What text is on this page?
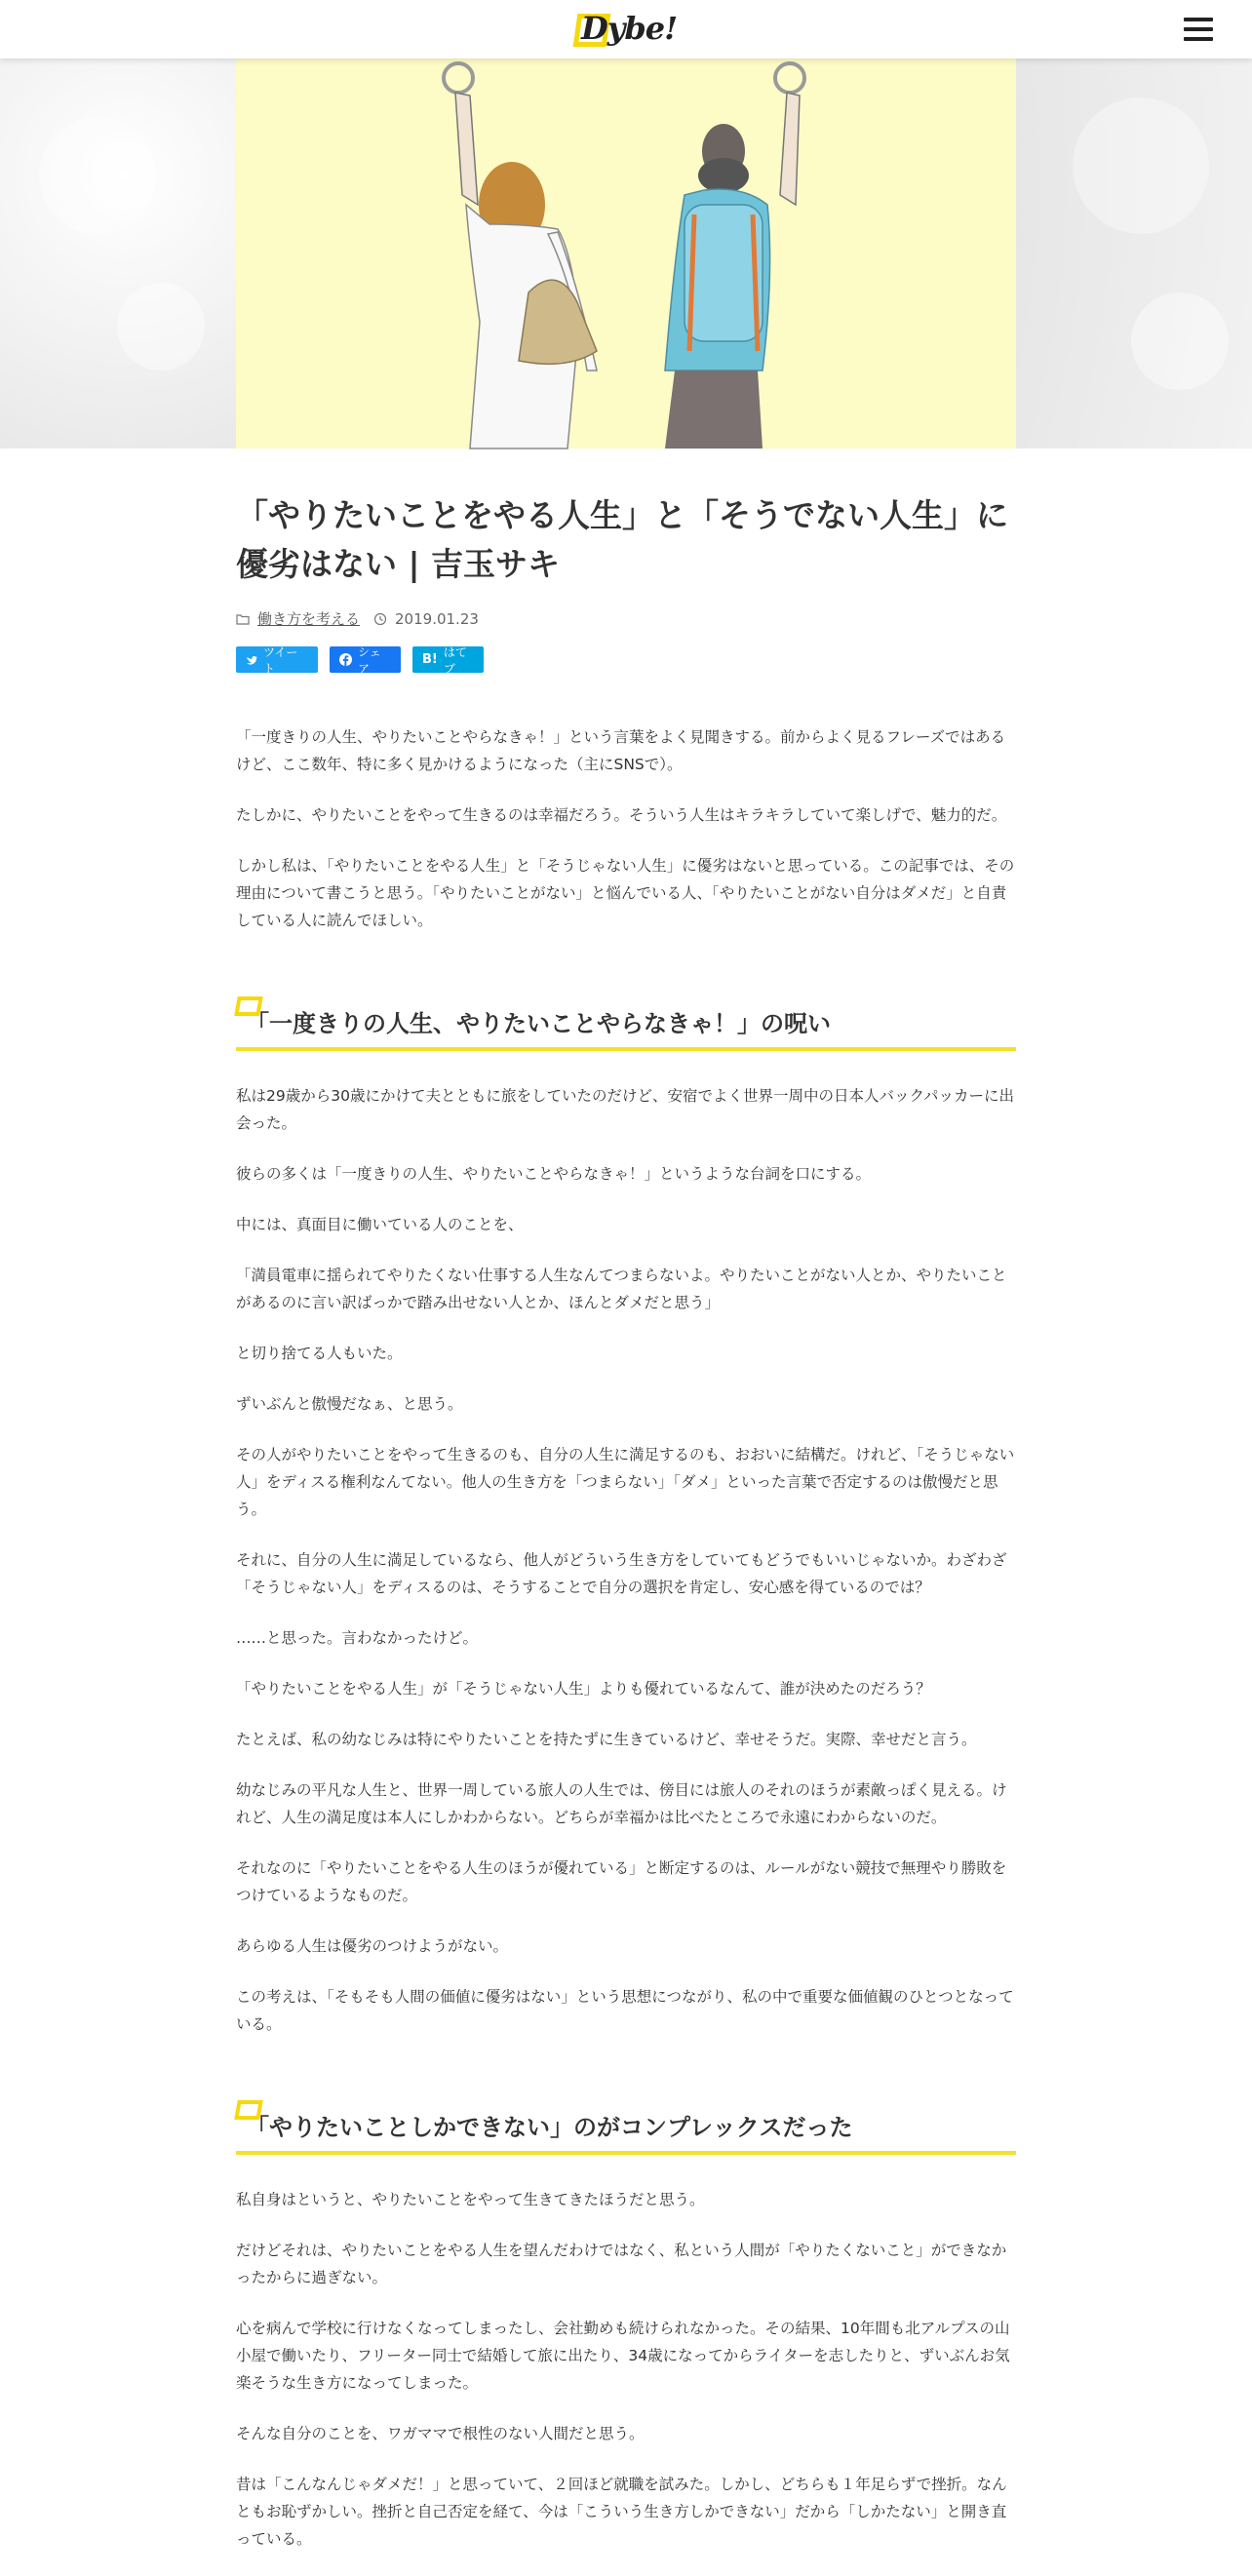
Dybe!
「やりたいことをやる人生」と「そうでない人生」に優劣はない | 吉玉サキ
働き方を考える 2019.01.23
ツイート
シェア
B!
はてブ

「一度きりの人生、やりたいことやらなきゃ！」という言葉をよく見聞きする。前からよく見るフレーズではあるけど、ここ数年、特に多く見かけるようになった（主にSNSで）。

たしかに、やりたいことをやって生きるのは幸福だろう。そういう人生はキラキラしていて楽しげで、魅力的だ。

しかし私は、「やりたいことをやる人生」と「そうじゃない人生」に優劣はないと思っている。この記事では、その理由について書こうと思う。「やりたいことがない」と悩んでいる人、「やりたいことがない自分はダメだ」と自責している人に読んでほしい。

「一度きりの人生、やりたいことやらなきゃ！」の呪い

私は29歳から30歳にかけて夫とともに旅をしていたのだけど、安宿でよく世界一周中の日本人バックパッカーに出会った。

彼らの多くは「一度きりの人生、やりたいことやらなきゃ！」というような台詞を口にする。

中には、真面目に働いている人のことを、

「満員電車に揺られてやりたくない仕事する人生なんてつまらないよ。やりたいことがない人とか、やりたいことがあるのに言い訳ばっかで踏み出せない人とか、ほんとダメだと思う」

と切り捨てる人もいた。

ずいぶんと傲慢だなぁ、と思う。

その人がやりたいことをやって生きるのも、自分の人生に満足するのも、おおいに結構だ。けれど、「そうじゃない人」をディスる権利なんてない。他人の生き方を「つまらない」「ダメ」といった言葉で否定するのは傲慢だと思う。

それに、自分の人生に満足しているなら、他人がどういう生き方をしていてもどうでもいいじゃないか。わざわざ「そうじゃない人」をディスるのは、そうすることで自分の選択を肯定し、安心感を得ているのでは？

……と思った。言わなかったけど。

「やりたいことをやる人生」が「そうじゃない人生」よりも優れているなんて、誰が決めたのだろう？

たとえば、私の幼なじみは特にやりたいことを持たずに生きているけど、幸せそうだ。実際、幸せだと言う。

幼なじみの平凡な人生と、世界一周している旅人の人生では、傍目には旅人のそれのほうが素敵っぽく見える。けれど、人生の満足度は本人にしかわからない。どちらが幸福かは比べたところで永遠にわからないのだ。

それなのに「やりたいことをやる人生のほうが優れている」と断定するのは、ルールがない競技で無理やり勝敗をつけているようなものだ。

あらゆる人生は優劣のつけようがない。

この考えは、「そもそも人間の価値に優劣はない」という思想につながり、私の中で重要な価値観のひとつとなっている。

「やりたいことしかできない」のがコンプレックスだった

私自身はというと、やりたいことをやって生きてきたほうだと思う。

だけどそれは、やりたいことをやる人生を望んだわけではなく、私という人間が「やりたくないこと」ができなかったからに過ぎない。

心を病んで学校に行けなくなってしまったし、会社勤めも続けられなかった。その結果、10年間も北アルプスの山小屋で働いたり、フリーター同士で結婚して旅に出たり、34歳になってからライターを志したりと、ずいぶんお気楽そうな生き方になってしまった。

そんな自分のことを、ワガママで根性のない人間だと思う。

昔は「こんなんじゃダメだ！」と思っていて、２回ほど就職を試みた。しかし、どちらも１年足らずで挫折。なんともお恥ずかしい。挫折と自己否定を経て、今は「こういう生き方しかできない」だから「しかたない」と開き直っている。
